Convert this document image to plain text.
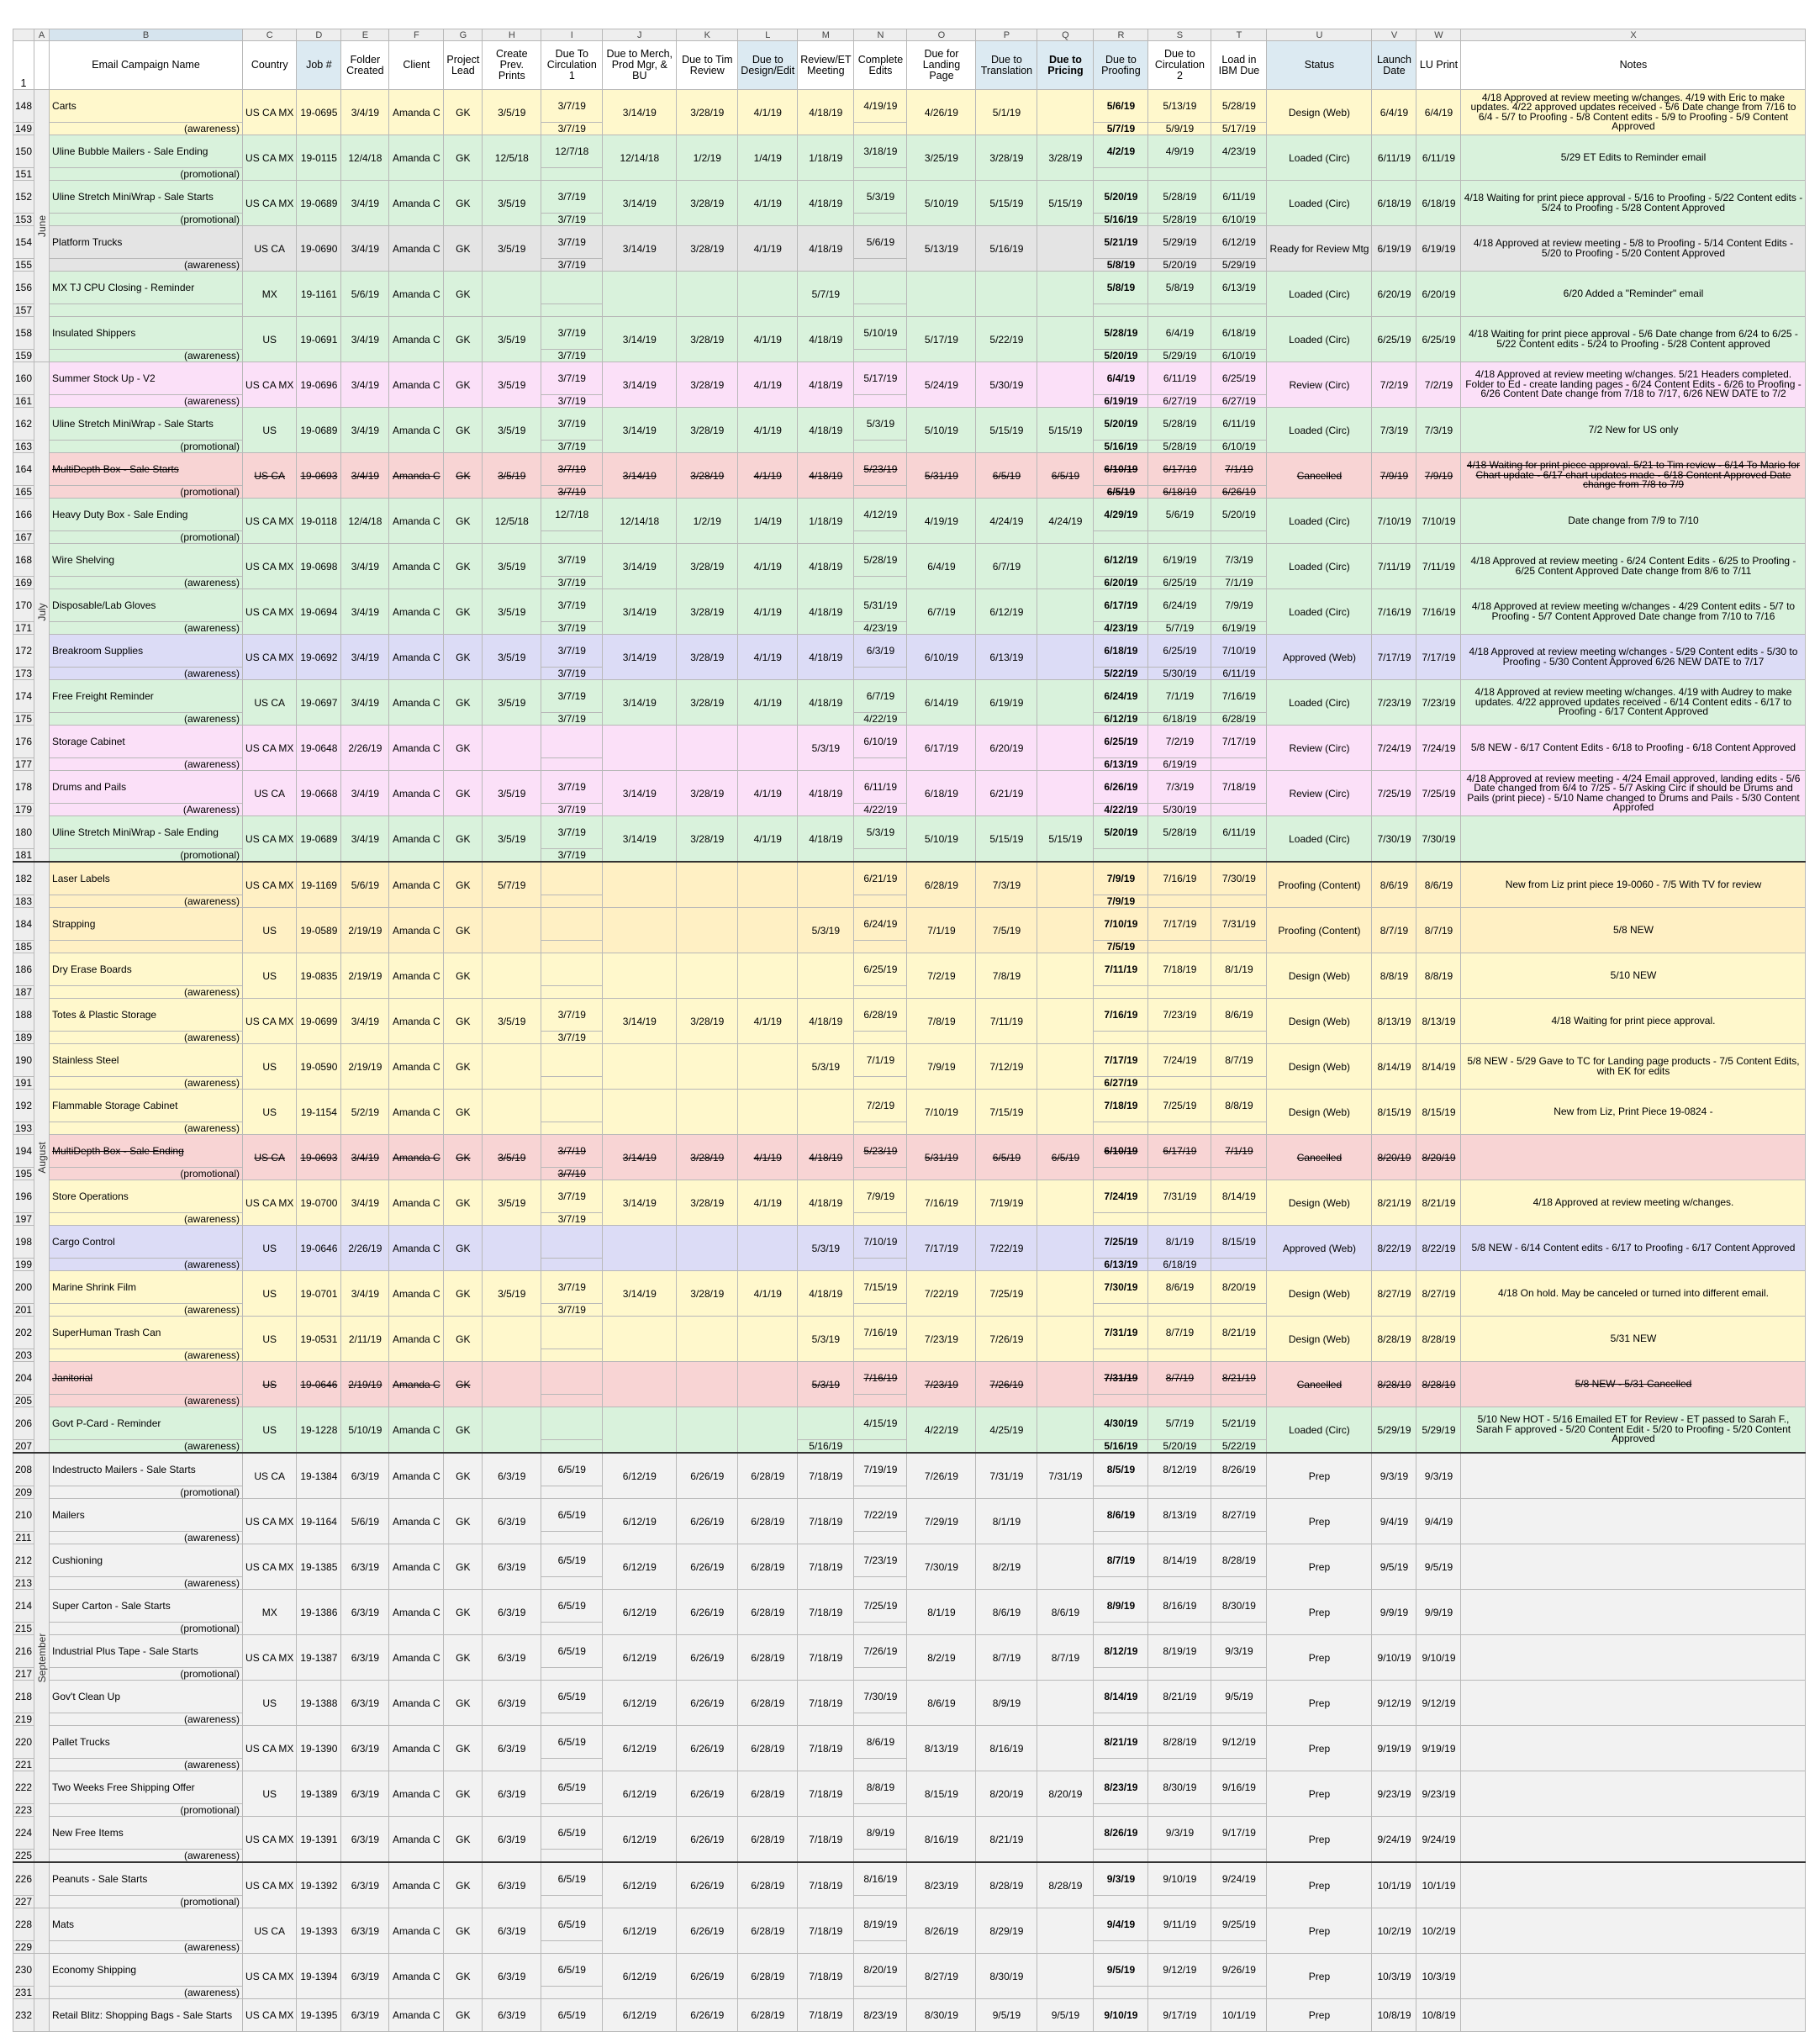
	A	B	C	D	E	F	G	H	I	J	K	L	M	N	O	P	Q	R	S	T	U	V	W	X
1		Email Campaign Name	Country	Job #	Folder Created	Client	Project Lead	Create Prev. Prints	Due To Circulation 1	Due to Merch, Prod Mgr, & BU	Due to Tim Review	Due to Design/Edit	Review/ET Meeting	Complete Edits	Due for Landing Page	Due to Translation	Due to Pricing	Due to Proofing	Due to Circulation 2	Load in IBM Due	Status	Launch Date	LU Print	Notes
148	June	Carts	US CA MX	19-0695	3/4/19	Amanda C	GK	3/5/19	3/7/19	3/14/19	3/28/19	4/1/19	4/18/19	4/19/19	4/26/19	5/1/19		5/6/19	5/13/19	5/28/19	Design (Web)	6/4/19	6/4/19	4/18 Approved at review meeting w/changes. 4/19 with Eric to make updates. 4/22 approved updates received - 5/6 Date change from 7/16 to 6/4 - 5/7 to Proofing - 5/8 Content edits - 5/9 to Proofing - 5/9 Content Approved
149		(awareness)							3/7/19									5/7/19	5/9/19	5/17/19				
150		Uline Bubble Mailers - Sale Ending	US CA MX	19-0115	12/4/18	Amanda C	GK	12/5/18	12/7/18	12/14/18	1/2/19	1/4/19	1/18/19	3/18/19	3/25/19	3/28/19	3/28/19	4/2/19	4/9/19	4/23/19	Loaded (Circ)	6/11/19	6/11/19	5/29 ET Edits to Reminder email
151		(promotional)																						
152		Uline Stretch MiniWrap - Sale Starts	US CA MX	19-0689	3/4/19	Amanda C	GK	3/5/19	3/7/19	3/14/19	3/28/19	4/1/19	4/18/19	5/3/19	5/10/19	5/15/19	5/15/19	5/20/19	5/28/19	6/11/19	Loaded (Circ)	6/18/19	6/18/19	4/18 Waiting for print piece approval - 5/16 to Proofing - 5/22 Content edits - 5/24 to Proofing - 5/28 Content Approved
153		(promotional)							3/7/19									5/16/19	5/28/19	6/10/19				
154		Platform Trucks	US CA	19-0690	3/4/19	Amanda C	GK	3/5/19	3/7/19	3/14/19	3/28/19	4/1/19	4/18/19	5/6/19	5/13/19	5/16/19		5/21/19	5/29/19	6/12/19	Ready for Review Mtg	6/19/19	6/19/19	4/18 Approved at review meeting - 5/8 to Proofing - 5/14 Content Edits - 5/20 to Proofing - 5/20 Content Approved
155		(awareness)							3/7/19									5/8/19	5/20/19	5/29/19				
156		MX TJ CPU Closing - Reminder	MX	19-1161	5/6/19	Amanda C	GK						5/7/19					5/8/19	5/8/19	6/13/19	Loaded (Circ)	6/20/19	6/20/19	6/20 Added a "Reminder" email
157																								
158		Insulated Shippers	US	19-0691	3/4/19	Amanda C	GK	3/5/19	3/7/19	3/14/19	3/28/19	4/1/19	4/18/19	5/10/19	5/17/19	5/22/19		5/28/19	6/4/19	6/18/19	Loaded (Circ)	6/25/19	6/25/19	4/18 Waiting for print piece approval - 5/6 Date change from 6/24 to 6/25 - 5/22 Content edits - 5/24 to Proofing - 5/28 Content approved
159		(awareness)							3/7/19									5/20/19	5/29/19	6/10/19				
160	July	Summer Stock Up - V2	US CA MX	19-0696	3/4/19	Amanda C	GK	3/5/19	3/7/19	3/14/19	3/28/19	4/1/19	4/18/19	5/17/19	5/24/19	5/30/19		6/4/19	6/11/19	6/25/19	Review (Circ)	7/2/19	7/2/19	4/18 Approved at review meeting w/changes. 5/21 Headers completed. Folder to Ed - create landing pages - 6/24 Content Edits - 6/26 to Proofing - 6/26 Content Date change from 7/18 to 7/17, 6/26 NEW DATE to 7/2
161		(awareness)							3/7/19									6/19/19	6/27/19	6/27/19				
162		Uline Stretch MiniWrap - Sale Starts	US	19-0689	3/4/19	Amanda C	GK	3/5/19	3/7/19	3/14/19	3/28/19	4/1/19	4/18/19	5/3/19	5/10/19	5/15/19	5/15/19	5/20/19	5/28/19	6/11/19	Loaded (Circ)	7/3/19	7/3/19	7/2 New for US only
163		(promotional)							3/7/19									5/16/19	5/28/19	6/10/19				
164		MultiDepth Box - Sale Starts	US CA	19-0693	3/4/19	Amanda C	GK	3/5/19	3/7/19	3/14/19	3/28/19	4/1/19	4/18/19	5/23/19	5/31/19	6/5/19	6/5/19	6/10/19	6/17/19	7/1/19	Cancelled	7/9/19	7/9/19	4/18 Waiting for print piece approval. 5/21 to Tim review - 6/14 To Mario for Chart update - 6/17 chart updates made - 6/18 Content Approved Date change from 7/8 to 7/9
165		(promotional)							3/7/19									6/5/19	6/18/19	6/26/19				
166		Heavy Duty Box - Sale Ending	US CA MX	19-0118	12/4/18	Amanda C	GK	12/5/18	12/7/18	12/14/18	1/2/19	1/4/19	1/18/19	4/12/19	4/19/19	4/24/19	4/24/19	4/29/19	5/6/19	5/20/19	Loaded (Circ)	7/10/19	7/10/19	Date change from 7/9 to 7/10
167		(promotional)																						
168		Wire Shelving	US CA MX	19-0698	3/4/19	Amanda C	GK	3/5/19	3/7/19	3/14/19	3/28/19	4/1/19	4/18/19	5/28/19	6/4/19	6/7/19		6/12/19	6/19/19	7/3/19	Loaded (Circ)	7/11/19	7/11/19	4/18 Approved at review meeting - 6/24 Content Edits - 6/25 to Proofing - 6/25 Content Approved Date change from 8/6 to 7/11
169		(awareness)							3/7/19									6/20/19	6/25/19	7/1/19				
170		Disposable/Lab Gloves	US CA MX	19-0694	3/4/19	Amanda C	GK	3/5/19	3/7/19	3/14/19	3/28/19	4/1/19	4/18/19	5/31/19	6/7/19	6/12/19		6/17/19	6/24/19	7/9/19	Loaded (Circ)	7/16/19	7/16/19	4/18 Approved at review meeting w/changes - 4/29 Content edits - 5/7 to Proofing - 5/7 Content Approved Date change from 7/10 to 7/16
171		(awareness)							3/7/19					4/23/19				4/23/19	5/7/19	6/19/19				
172		Breakroom Supplies	US CA MX	19-0692	3/4/19	Amanda C	GK	3/5/19	3/7/19	3/14/19	3/28/19	4/1/19	4/18/19	6/3/19	6/10/19	6/13/19		6/18/19	6/25/19	7/10/19	Approved (Web)	7/17/19	7/17/19	4/18 Approved at review meeting w/changes - 5/29 Content edits - 5/30 to Proofing - 5/30 Content Approved 6/26 NEW DATE to 7/17
173		(awareness)							3/7/19									5/22/19	5/30/19	6/11/19				
174		Free Freight Reminder	US CA	19-0697	3/4/19	Amanda C	GK	3/5/19	3/7/19	3/14/19	3/28/19	4/1/19	4/18/19	6/7/19	6/14/19	6/19/19		6/24/19	7/1/19	7/16/19	Loaded (Circ)	7/23/19	7/23/19	4/18 Approved at review meeting w/changes. 4/19 with Audrey to make updates. 4/22 approved updates received - 6/14 Content edits - 6/17 to Proofing - 6/17 Content Approved
175		(awareness)							3/7/19					4/22/19				6/12/19	6/18/19	6/28/19				
176		Storage Cabinet	US CA MX	19-0648	2/26/19	Amanda C	GK						5/3/19	6/10/19	6/17/19	6/20/19		6/25/19	7/2/19	7/17/19	Review (Circ)	7/24/19	7/24/19	5/8 NEW - 6/17 Content Edits - 6/18 to Proofing - 6/18 Content Approved
177		(awareness)																6/13/19	6/19/19					
178		Drums and Pails	US CA	19-0668	3/4/19	Amanda C	GK	3/5/19	3/7/19	3/14/19	3/28/19	4/1/19	4/18/19	6/11/19	6/18/19	6/21/19		6/26/19	7/3/19	7/18/19	Review (Circ)	7/25/19	7/25/19	4/18 Approved at review meeting - 4/24 Email approved, landing edits - 5/6 Date changed from 6/4 to 7/25 - 5/7 Asking Circ if should be Drums and Pails (print piece) - 5/10 Name changed to Drums and Pails - 5/30 Content Approfed
179		(Awareness)							3/7/19					4/22/19				4/22/19	5/30/19					
180		Uline Stretch MiniWrap - Sale Ending	US CA MX	19-0689	3/4/19	Amanda C	GK	3/5/19	3/7/19	3/14/19	3/28/19	4/1/19	4/18/19	5/3/19	5/10/19	5/15/19	5/15/19	5/20/19	5/28/19	6/11/19	Loaded (Circ)	7/30/19	7/30/19	
181		(promotional)							3/7/19															
182	August	Laser Labels	US CA MX	19-1169	5/6/19	Amanda C	GK	5/7/19						6/21/19	6/28/19	7/3/19		7/9/19	7/16/19	7/30/19	Proofing (Content)	8/6/19	8/6/19	New from Liz print piece 19-0060 - 7/5 With TV for review
183		(awareness)																7/9/19						
184		Strapping	US	19-0589	2/19/19	Amanda C	GK						5/3/19	6/24/19	7/1/19	7/5/19		7/10/19	7/17/19	7/31/19	Proofing (Content)	8/7/19	8/7/19	5/8 NEW
185																		7/5/19						
186		Dry Erase Boards	US	19-0835	2/19/19	Amanda C	GK							6/25/19	7/2/19	7/8/19		7/11/19	7/18/19	8/1/19	Design (Web)	8/8/19	8/8/19	5/10 NEW
187		(awareness)																						
188		Totes & Plastic Storage	US CA MX	19-0699	3/4/19	Amanda C	GK	3/5/19	3/7/19	3/14/19	3/28/19	4/1/19	4/18/19	6/28/19	7/8/19	7/11/19		7/16/19	7/23/19	8/6/19	Design (Web)	8/13/19	8/13/19	4/18 Waiting for print piece approval.
189		(awareness)							3/7/19															
190		Stainless Steel	US	19-0590	2/19/19	Amanda C	GK						5/3/19	7/1/19	7/9/19	7/12/19		7/17/19	7/24/19	8/7/19	Design (Web)	8/14/19	8/14/19	5/8 NEW - 5/29 Gave to TC for Landing page products - 7/5 Content Edits, with EK for edits
191		(awareness)																6/27/19						
192		Flammable Storage Cabinet	US	19-1154	5/2/19	Amanda C	GK							7/2/19	7/10/19	7/15/19		7/18/19	7/25/19	8/8/19	Design (Web)	8/15/19	8/15/19	New from Liz, Print Piece 19-0824 -
193		(awareness)																						
194		MultiDepth Box - Sale Ending	US CA	19-0693	3/4/19	Amanda C	GK	3/5/19	3/7/19	3/14/19	3/28/19	4/1/19	4/18/19	5/23/19	5/31/19	6/5/19	6/5/19	6/10/19	6/17/19	7/1/19	Cancelled	8/20/19	8/20/19	
195		(promotional)							3/7/19															
196		Store Operations	US CA MX	19-0700	3/4/19	Amanda C	GK	3/5/19	3/7/19	3/14/19	3/28/19	4/1/19	4/18/19	7/9/19	7/16/19	7/19/19		7/24/19	7/31/19	8/14/19	Design (Web)	8/21/19	8/21/19	4/18 Approved at review meeting w/changes.
197		(awareness)							3/7/19															
198		Cargo Control	US	19-0646	2/26/19	Amanda C	GK						5/3/19	7/10/19	7/17/19	7/22/19		7/25/19	8/1/19	8/15/19	Approved (Web)	8/22/19	8/22/19	5/8 NEW - 6/14 Content edits - 6/17 to Proofing - 6/17 Content Approved
199		(awareness)																6/13/19	6/18/19					
200		Marine Shrink Film	US	19-0701	3/4/19	Amanda C	GK	3/5/19	3/7/19	3/14/19	3/28/19	4/1/19	4/18/19	7/15/19	7/22/19	7/25/19		7/30/19	8/6/19	8/20/19	Design (Web)	8/27/19	8/27/19	4/18 On hold. May be canceled or turned into different email.
201		(awareness)							3/7/19															
202		SuperHuman Trash Can	US	19-0531	2/11/19	Amanda C	GK						5/3/19	7/16/19	7/23/19	7/26/19		7/31/19	8/7/19	8/21/19	Design (Web)	8/28/19	8/28/19	5/31 NEW
203		(awareness)																						
204		Janitorial	US	19-0646	2/19/19	Amanda C	GK						5/3/19	7/16/19	7/23/19	7/26/19		7/31/19	8/7/19	8/21/19	Cancelled	8/28/19	8/28/19	5/8 NEW - 5/31 Cancelled
205		(awareness)																						
206		Govt P-Card - Reminder	US	19-1228	5/10/19	Amanda C	GK							4/15/19	4/22/19	4/25/19		4/30/19	5/7/19	5/21/19	Loaded (Circ)	5/29/19	5/29/19	5/10 New HOT - 5/16 Emailed ET for Review - ET passed to Sarah F., Sarah F approved - 5/20 Content Edit - 5/20 to Proofing - 5/20 Content Approved
207		(awareness)											5/16/19					5/16/19	5/20/19	5/22/19				
208	September	Indestructo Mailers - Sale Starts	US CA	19-1384	6/3/19	Amanda C	GK	6/3/19	6/5/19	6/12/19	6/26/19	6/28/19	7/18/19	7/19/19	7/26/19	7/31/19	7/31/19	8/5/19	8/12/19	8/26/19	Prep	9/3/19	9/3/19	
209		(promotional)																						
210		Mailers	US CA MX	19-1164	5/6/19	Amanda C	GK	6/3/19	6/5/19	6/12/19	6/26/19	6/28/19	7/18/19	7/22/19	7/29/19	8/1/19		8/6/19	8/13/19	8/27/19	Prep	9/4/19	9/4/19	
211		(awareness)																						
212		Cushioning	US CA MX	19-1385	6/3/19	Amanda C	GK	6/3/19	6/5/19	6/12/19	6/26/19	6/28/19	7/18/19	7/23/19	7/30/19	8/2/19		8/7/19	8/14/19	8/28/19	Prep	9/5/19	9/5/19	
213		(awareness)																						
214		Super Carton - Sale Starts	MX	19-1386	6/3/19	Amanda C	GK	6/3/19	6/5/19	6/12/19	6/26/19	6/28/19	7/18/19	7/25/19	8/1/19	8/6/19	8/6/19	8/9/19	8/16/19	8/30/19	Prep	9/9/19	9/9/19	
215		(promotional)																						
216		Industrial Plus Tape - Sale Starts	US CA MX	19-1387	6/3/19	Amanda C	GK	6/3/19	6/5/19	6/12/19	6/26/19	6/28/19	7/18/19	7/26/19	8/2/19	8/7/19	8/7/19	8/12/19	8/19/19	9/3/19	Prep	9/10/19	9/10/19	
217		(promotional)																						
218		Gov't Clean Up	US	19-1388	6/3/19	Amanda C	GK	6/3/19	6/5/19	6/12/19	6/26/19	6/28/19	7/18/19	7/30/19	8/6/19	8/9/19		8/14/19	8/21/19	9/5/19	Prep	9/12/19	9/12/19	
219		(awareness)																						
220		Pallet Trucks	US CA MX	19-1390	6/3/19	Amanda C	GK	6/3/19	6/5/19	6/12/19	6/26/19	6/28/19	7/18/19	8/6/19	8/13/19	8/16/19		8/21/19	8/28/19	9/12/19	Prep	9/19/19	9/19/19	
221		(awareness)																						
222		Two Weeks Free Shipping Offer	US	19-1389	6/3/19	Amanda C	GK	6/3/19	6/5/19	6/12/19	6/26/19	6/28/19	7/18/19	8/8/19	8/15/19	8/20/19	8/20/19	8/23/19	8/30/19	9/16/19	Prep	9/23/19	9/23/19	
223		(promotional)																						
224		New Free Items	US CA MX	19-1391	6/3/19	Amanda C	GK	6/3/19	6/5/19	6/12/19	6/26/19	6/28/19	7/18/19	8/9/19	8/16/19	8/21/19		8/26/19	9/3/19	9/17/19	Prep	9/24/19	9/24/19	
225		(awareness)																						
226		Peanuts - Sale Starts	US CA MX	19-1392	6/3/19	Amanda C	GK	6/3/19	6/5/19	6/12/19	6/26/19	6/28/19	7/18/19	8/16/19	8/23/19	8/28/19	8/28/19	9/3/19	9/10/19	9/24/19	Prep	10/1/19	10/1/19	
227		(promotional)																						
228		Mats	US CA	19-1393	6/3/19	Amanda C	GK	6/3/19	6/5/19	6/12/19	6/26/19	6/28/19	7/18/19	8/19/19	8/26/19	8/29/19		9/4/19	9/11/19	9/25/19	Prep	10/2/19	10/2/19	
229		(awareness)																						
230		Economy Shipping	US CA MX	19-1394	6/3/19	Amanda C	GK	6/3/19	6/5/19	6/12/19	6/26/19	6/28/19	7/18/19	8/20/19	8/27/19	8/30/19		9/5/19	9/12/19	9/26/19	Prep	10/3/19	10/3/19	
231		(awareness)																						
232		Retail Blitz: Shopping Bags - Sale Starts	US CA MX	19-1395	6/3/19	Amanda C	GK	6/3/19	6/5/19	6/12/19	6/26/19	6/28/19	7/18/19	8/23/19	8/30/19	9/5/19	9/5/19	9/10/19	9/17/19	10/1/19	Prep	10/8/19	10/8/19	
